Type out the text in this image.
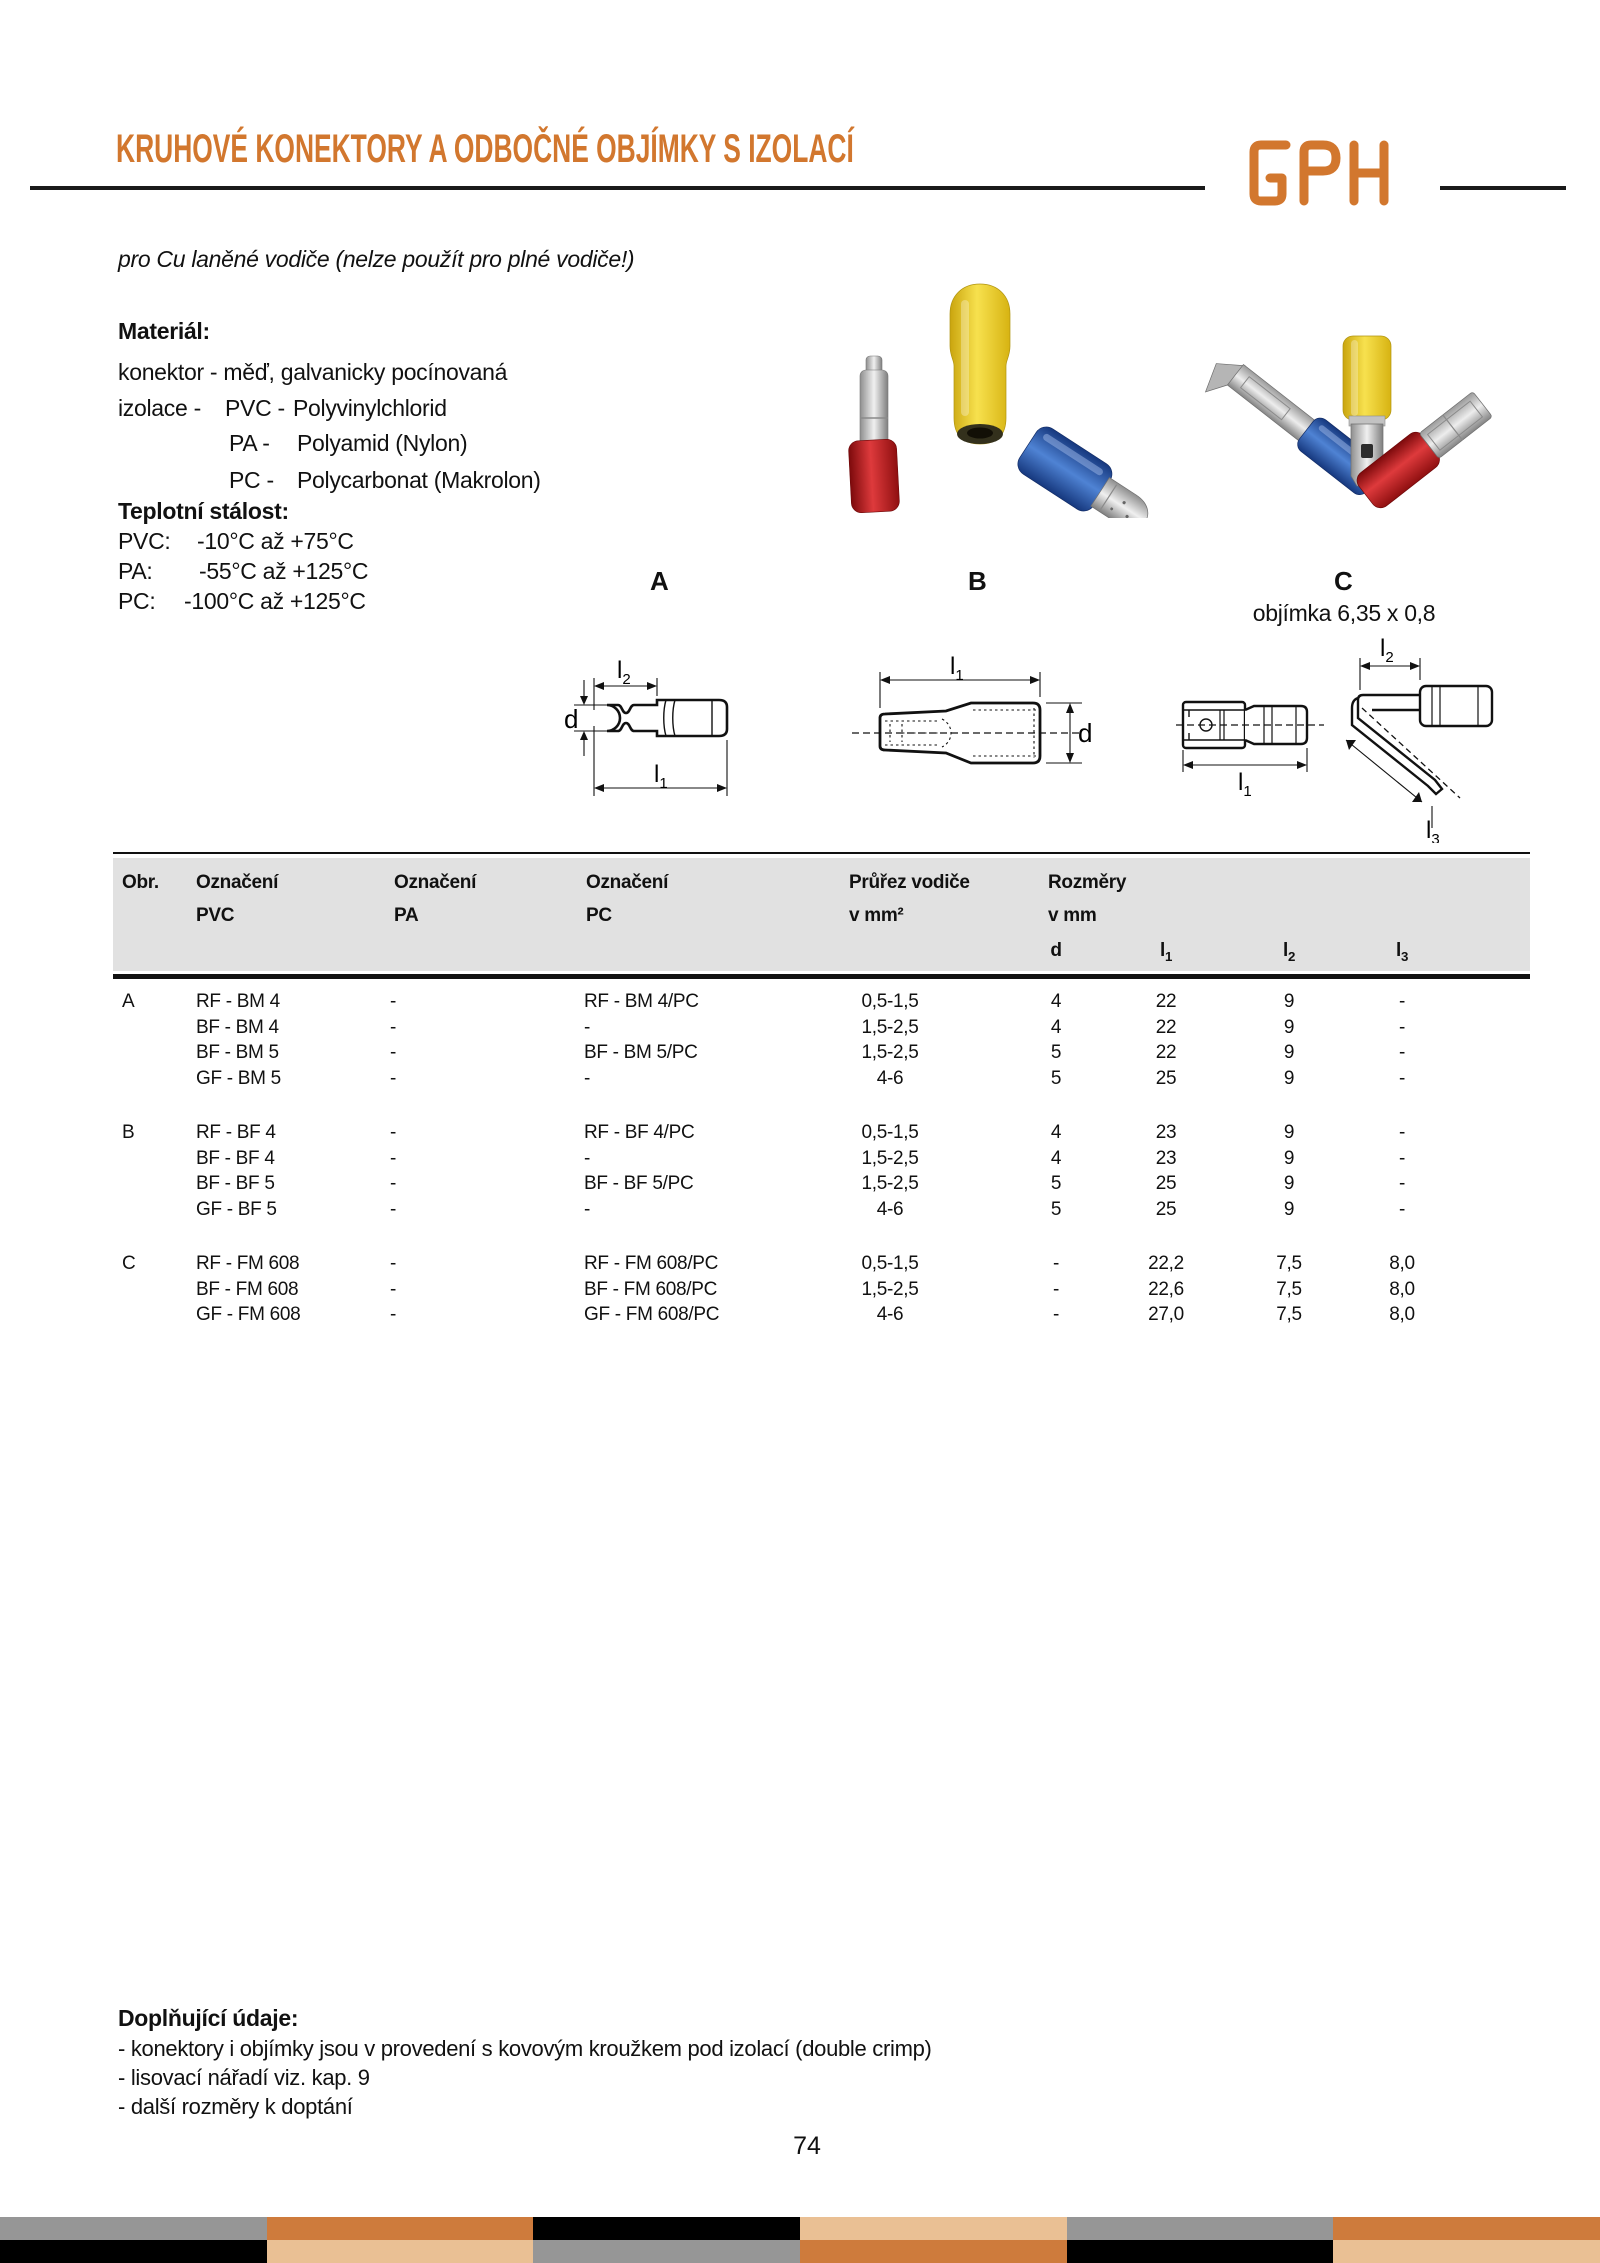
KRUHOVÉ KONEKTORY A ODBOČNÉ OBJÍMKY S IZOLACÍ

pro Cu laněné vodiče (nelze použít pro plné vodiče!)

Materiál:
konektor - měď, galvanicky pocínovaná
izolace - PVC - Polyvinylchlorid
PA - Polyamid (Nylon)
PC - Polycarbonat (Makrolon)
Teplotní stálost:
PVC: -10°C až +75°C
PA: -55°C až +125°C
PC: -100°C až +125°C
A	B	C
objímka 6,35 x 0,8
d
$l_2$
$l_1$
$l_1$
d
$l_1$
$l_2$
$l_3$
Obr. Označení	Označení	Označení	Průřez vodiče	Rozměry
PVC	PA	PC	v mm²	v mm
d	$l_1$	$l_2$	$l_3$
A	RF - BM 4	-	RF - BM 4/PC	0,5-1,5	4	22	9	-
BF - BM 4	-	-	1,5-2,5	4	22	9	-
BF - BM 5	-	BF - BM 5/PC	1,5-2,5	5	22	9	-
GF - BM 5	-	-	4-6	5	25	9	-
B	RF - BF 4	-	RF - BF 4/PC	0,5-1,5	4	23	9	-
BF - BF 4	-	-	1,5-2,5	4	23	9	-
BF - BF 5	-	BF - BF 5/PC	1,5-2,5	5	25	9	-
GF - BF 5	-	-	4-6	5	25	9	-
C	RF - FM 608	-	RF - FM 608/PC	0,5-1,5	-	22,2	7,5	8,0
BF - FM 608	-	BF - FM 608/PC	1,5-2,5	-	22,6	7,5	8,0
GF - FM 608	-	GF - FM 608/PC	4-6	-	27,0	7,5	8,0
Doplňující údaje:
- konektory i objímky jsou v provedení s kovovým kroužkem pod izolací (double crimp)
- lisovací nářadí viz. kap. 9
- další rozměry k doptání
74
